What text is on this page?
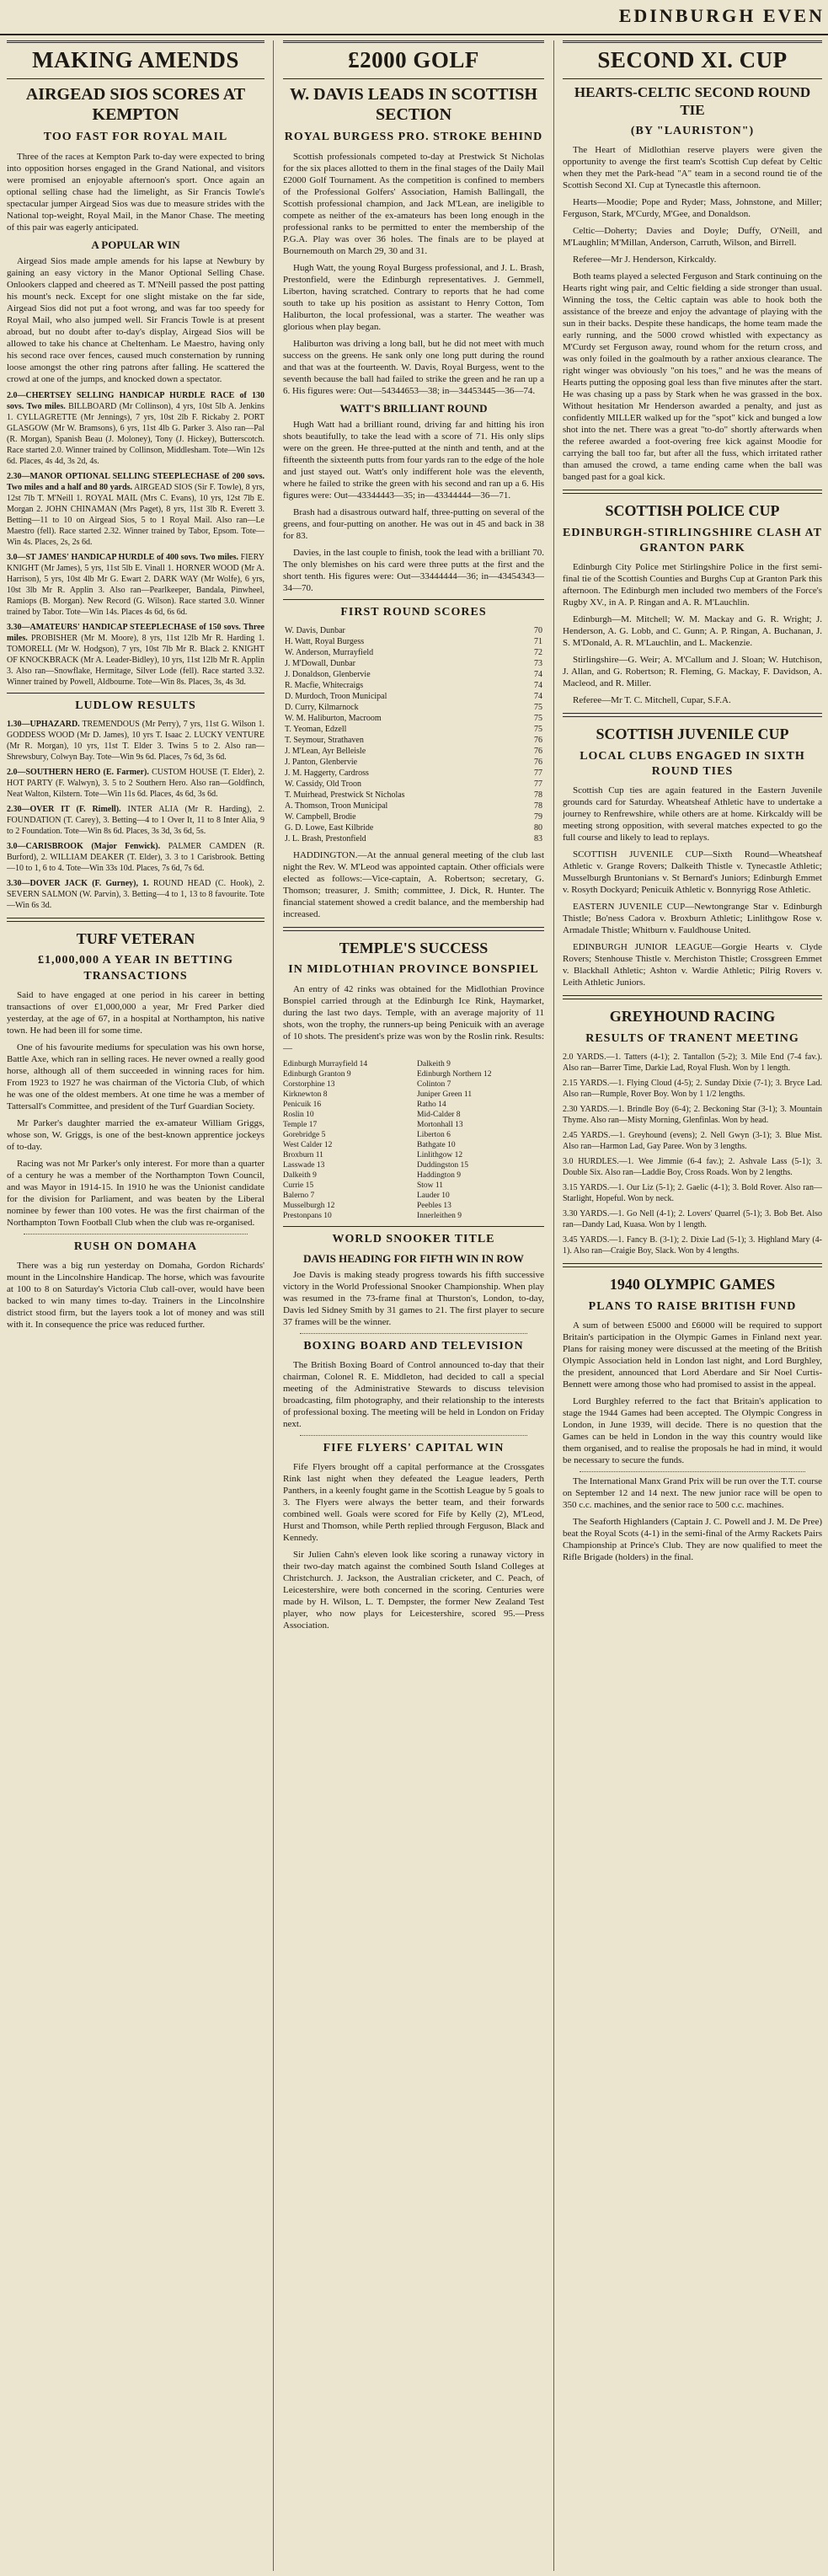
EDINBURGH EVEN
MAKING AMENDS
AIRGEAD SIOS SCORES AT KEMPTON
TOO FAST FOR ROYAL MAIL

Three of the races at Kempton Park to-day were expected to bring into opposition horses engaged in the Grand National, and visitors were promised an enjoyable afternoon's sport. Once again an optional selling chase had the limelight, as Sir Francis Towle's spectacular jumper Airgead Sios was due to measure strides with the National top-weight, Royal Mail, in the Manor Chase. The meeting of this pair was eagerly anticipated.

A POPULAR WIN

Airgead Sios made ample amends for his lapse at Newbury by gaining an easy victory in the Manor Optional Selling Chase. Onlookers clapped and cheered as T. M'Neill passed the post patting his mount's neck. Except for one slight mistake on the far side, Airgead Sios did not put a foot wrong, and was far too speedy for Royal Mail, who also jumped well. Sir Francis Towle is at present abroad, but no doubt after to-day's display, Airgead Sios will be allowed to take his chance at Cheltenham. Le Maestro, having only his second race over fences, caused much consternation by running loose amongst the other ring patrons after falling. He scattered the crowd at one of the jumps, and knocked down a spectator.

2.0—CHERTSEY SELLING HANDICAP HURDLE RACE of 130 sovs. Two miles. BILLBOARD (Mr Collinson), 4 yrs, 10st 5lb A. Jenkins 1. CYLLAGRETTE (Mr Jennings), 7 yrs, 10st 2lb F. Rickaby 2. PORT GLASGOW (Mr W. Bramsons), 6 yrs, 11st 4lb G. Parker 3. Also ran—Pal (R. Morgan), Spanish Beau (J. Moloney), Tony (J. Hickey), Butterscotch. Race started 2.0. Winner trained by Collinson, Middlesham. Tote—Win 12s 6d. Places, 4s 4d, 3s 2d, 4s.
2.30—MANOR OPTIONAL SELLING STEEPLECHASE of 200 sovs. Two miles and a half and 80 yards. AIRGEAD SIOS (Sir F. Towle), 8 yrs, 12st 7lb T. M'Neill 1. ROYAL MAIL (Mrs C. Evans), 10 yrs, 12st 7lb E. Morgan 2. JOHN CHINAMAN (Mrs Paget), 8 yrs, 11st 3lb R. Everett 3. Betting—11 to 10 on Airgead Sios, 5 to 1 Royal Mail. Also ran—Le Maestro (fell). Race started 2.32. Winner trained by Tabor, Epsom. Tote—Win 4s. Places, 2s, 2s 6d.
3.0—ST JAMES' HANDICAP HURDLE of 400 sovs. Two miles. FIERY KNIGHT (Mr James), 5 yrs, 11st 5lb E. Vinall 1. HORNER WOOD (Mr A. Harrison), 5 yrs, 10st 4lb Mr G. Ewart 2. DARK WAY (Mr Wolfe), 6 yrs, 10st 3lb Mr R. Applin 3. Also ran—Pearlkeeper, Bandala, Pinwheel, Ramiops (B. Morgan). New Record (G. Wilson). Race started 3.0. Winner trained by Tabor. Tote—Win 14s. Places 4s 6d, 6s 6d.
3.30—AMATEURS' HANDICAP STEEPLECHASE of 150 sovs. Three miles. PROBISHER (Mr M. Moore), 8 yrs, 11st 12lb Mr R. Harding 1. TOMORELL (Mr W. Hodgson), 7 yrs, 10st 7lb Mr R. Black 2. KNIGHT OF KNOCKBRACK (Mr A. Leader-Bidley), 10 yrs, 11st 12lb Mr R. Applin 3. Also ran—Snowflake, Hermitage, Silver Lode (fell). Race started 3.32. Winner trained by Powell, Aldbourne. Tote—Win 8s. Places, 3s, 4s 3d.
LUDLOW RESULTS
1.30—UPHAZARD. TREMENDOUS (Mr Perry), 7 yrs, 11st G. Wilson 1. GODDESS WOOD (Mr D. James), 10 yrs T. Isaac 2. LUCKY VENTURE (Mr R. Morgan), 10 yrs, 11st T. Elder 3. Twins 5 to 2. Also ran—Shrewsbury, Colwyn Bay. Tote—Win 9s 6d. Places, 7s 6d, 3s 6d.
2.0—SOUTHERN HERO (E. Farmer). CUSTOM HOUSE (T. Elder), 2. HOT PARTY (F. Walwyn), 3. 5 to 2 Southern Hero. Also ran—Goldfinch, Neat Walton, Kilstern. Tote—Win 11s 6d. Places, 4s 6d, 3s 6d.
2.30—OVER IT (F. Rimell). INTER ALIA (Mr R. Harding), 2. FOUNDATION (T. Carey), 3. Betting—4 to 1 Over It, 11 to 8 Inter Alia, 9 to 2 Foundation. Tote—Win 8s 6d. Places, 3s 3d, 3s 6d, 5s.
3.0—CARISBROOK (Major Fenwick). PALMER CAMDEN (R. Burford), 2. WILLIAM DEAKER (T. Elder), 3. 3 to 1 Carisbrook. Betting—10 to 1, 6 to 4. Tote—Win 33s 10d. Places, 7s 6d, 7s 6d.
3.30—DOVER JACK (F. Gurney), 1. ROUND HEAD (C. Hook), 2. SEVERN SALMON (W. Parvin), 3. Betting—4 to 1, 13 to 8 favourite. Tote—Win 6s 3d.
TURF VETERAN
£1,000,000 A YEAR IN BETTING TRANSACTIONS

Said to have engaged at one period in his career in betting transactions of over £1,000,000 a year, Mr Fred Parker died yesterday, at the age of 67, in a hospital at Northampton, his native town. He had been ill for some time.

One of his favourite mediums for speculation was his own horse, Battle Axe, which ran in selling races. He never owned a really good horse, although all of them succeeded in winning races for him. From 1923 to 1927 he was chairman of the Victoria Club, of which he was one of the oldest members. At one time he was a member of Tattersall's Committee, and president of the Turf Guardian Society.

Mr Parker's daughter married the ex-amateur William Griggs, whose son, W. Griggs, is one of the best-known apprentice jockeys of to-day.

Racing was not Mr Parker's only interest. For more than a quarter of a century he was a member of the Northampton Town Council, and was Mayor in 1914-15. In 1910 he was the Unionist candidate for the division for Parliament, and was beaten by the Liberal nominee by fewer than 100 votes. He was the first chairman of the Northampton Town Football Club when the club was re-organised.

RUSH ON DOMAHA

There was a big run yesterday on Domaha, Gordon Richards' mount in the Lincolnshire Handicap. The horse, which was favourite at 100 to 8 on Saturday's Victoria Club call-over, would have been backed to win many times to-day. Trainers in the Lincolnshire district stood firm, but the layers took a lot of money and was still with it. In consequence the price was reduced further.

£2000 GOLF
W. DAVIS LEADS IN SCOTTISH SECTION
ROYAL BURGESS PRO. STROKE BEHIND

Scottish professionals competed to-day at Prestwick St Nicholas for the six places allotted to them in the final stages of the Daily Mail £2000 Golf Tournament. As the competition is confined to members of the Professional Golfers' Association, Hamish Ballingall, the Scottish professional champion, and Jack M'Lean, are ineligible to compete as neither of the ex-amateurs has been long enough in the professional ranks to be permitted to enter the membership of the P.G.A. Play was over 36 holes. The finals are to be played at Bournemouth on March 29, 30 and 31.

Hugh Watt, the young Royal Burgess professional, and J. L. Brash, Prestonfield, were the Edinburgh representatives. J. Gemmell, Liberton, having scratched. Contrary to reports that he had come south to take up his position as assistant to Henry Cotton, Tom Haliburton, the local professional, was a starter. The weather was glorious when play began.

Haliburton was driving a long ball, but he did not meet with much success on the greens. He sank only one long putt during the round and that was at the fourteenth. W. Davis, Royal Burgess, went to the seventh because the ball had failed to strike the green and he ran up a 6. His figures were: Out—54344653—38; in—34453445—36—74.

WATT'S BRILLIANT ROUND

Hugh Watt had a brilliant round, driving far and hitting his iron shots beautifully, to take the lead with a score of 71. His only slips were on the green. He three-putted at the ninth and tenth, and at the fifteenth the sixteenth putts from four yards ran to the edge of the hole and just stayed out. Watt's only indifferent hole was the eleventh, where he failed to strike the green with his second and ran up a 6. His figures were: Out—43344443—35; in—43344444—36—71.

Brash had a disastrous outward half, three-putting on several of the greens, and four-putting on another. He was out in 45 and back in 38 for 83.

Davies, in the last couple to finish, took the lead with a brilliant 70. The only blemishes on his card were three putts at the first and the short tenth. His figures were: Out—33444444—36; in—43454343—34—70.

FIRST ROUND SCORES
W. Davis, Dunbar	70
H. Watt, Royal Burgess	71
W. Anderson, Murrayfield	72
J. M'Dowall, Dunbar	73
J. Donaldson, Glenbervie	74
R. Macfie, Whitecraigs	74
D. Murdoch, Troon Municipal	74
D. Curry, Kilmarnock	75
W. M. Haliburton, Macroom	75
T. Yeoman, Edzell	75
T. Seymour, Strathaven	76
J. M'Lean, Ayr Belleisle	76
J. Panton, Glenbervie	76
J. M. Haggerty, Cardross	77
W. Cassidy, Old Troon	77
T. Muirhead, Prestwick St Nicholas	78
A. Thomson, Troon Municipal	78
W. Campbell, Brodie	79
G. D. Lowe, East Kilbride	80
J. L. Brash, Prestonfield	83

HADDINGTON.—At the annual general meeting of the club last night the Rev. W. M'Leod was appointed captain. Other officials were elected as follows:—Vice-captain, A. Robertson; secretary, G. Thomson; treasurer, J. Smith; committee, J. Dick, R. Hunter. The financial statement showed a credit balance, and the membership had increased.

TEMPLE'S SUCCESS
IN MIDLOTHIAN PROVINCE BONSPIEL

An entry of 42 rinks was obtained for the Midlothian Province Bonspiel carried through at the Edinburgh Ice Rink, Haymarket, during the last two days. Temple, with an average majority of 11 shots, won the trophy, the runners-up being Penicuik with an average of 10 shots. The president's prize was won by the Roslin rink. Results:—

Edinburgh Murrayfield 14
Edinburgh Granton 9
Corstorphine 13
Kirknewton 8
Penicuik 16
Roslin 10
Temple 17
Gorebridge 5
West Calder 12
Broxburn 11
Lasswade 13
Dalkeith 9
Currie 15
Balerno 7
Musselburgh 12
Prestonpans 10
Dalkeith 9
Edinburgh Northern 12
Colinton 7
Juniper Green 11
Ratho 14
Mid-Calder 8
Mortonhall 13
Liberton 6
Bathgate 10
Linlithgow 12
Duddingston 15
Haddington 9
Stow 11
Lauder 10
Peebles 13
Innerleithen 9
WORLD SNOOKER TITLE
DAVIS HEADING FOR FIFTH WIN IN ROW

Joe Davis is making steady progress towards his fifth successive victory in the World Professional Snooker Championship. When play was resumed in the 73-frame final at Thurston's, London, to-day, Davis led Sidney Smith by 31 games to 21. The first player to secure 37 frames will be the winner.

BOXING BOARD AND TELEVISION

The British Boxing Board of Control announced to-day that their chairman, Colonel R. E. Middleton, had decided to call a special meeting of the Administrative Stewards to discuss television broadcasting, film photography, and their relationship to the interests of professional boxing. The meeting will be held in London on Friday next.

FIFE FLYERS' CAPITAL WIN

Fife Flyers brought off a capital performance at the Crossgates Rink last night when they defeated the League leaders, Perth Panthers, in a keenly fought game in the Scottish League by 5 goals to 3. The Flyers were always the better team, and their forwards combined well. Goals were scored for Fife by Kelly (2), M'Leod, Hurst and Thomson, while Perth replied through Ferguson, Black and Kennedy.

Sir Julien Cahn's eleven look like scoring a runaway victory in their two-day match against the combined South Island Colleges at Christchurch. J. Jackson, the Australian cricketer, and C. Peach, of Leicestershire, were both concerned in the scoring. Centuries were made by H. Wilson, L. T. Dempster, the former New Zealand Test player, who now plays for Leicestershire, scored 95.—Press Association.

SECOND XI. CUP
HEARTS-CELTIC SECOND ROUND TIE
(BY "LAURISTON")

The Heart of Midlothian reserve players were given the opportunity to avenge the first team's Scottish Cup defeat by Celtic when they met the Park-head "A" team in a second round tie of the Scottish Second XI. Cup at Tynecastle this afternoon.

Hearts—Moodie; Pope and Ryder; Mass, Johnstone, and Miller; Ferguson, Stark, M'Curdy, M'Gee, and Donaldson.

Celtic—Doherty; Davies and Doyle; Duffy, O'Neill, and M'Laughlin; M'Millan, Anderson, Carruth, Wilson, and Birrell.

Referee—Mr J. Henderson, Kirkcaldy.

Both teams played a selected Ferguson and Stark continuing on the Hearts right wing pair, and Celtic fielding a side stronger than usual. Winning the toss, the Celtic captain was able to hook both the assistance of the breeze and enjoy the advantage of playing with the sun in their backs. Despite these handicaps, the home team made the early running, and the 5000 crowd whistled with expectancy as M'Curdy set Ferguson away, round whom for the return cross, and was only foiled in the goalmouth by a rather anxious clearance. The right winger was obviously "on his toes," and he was the means of Hearts putting the opposing goal less than five minutes after the start. He was chasing up a pass by Stark when he was grassed in the box. Without hesitation Mr Henderson awarded a penalty, and just as confidently MILLER walked up for the "spot" kick and bunged a low shot into the net. There was a great "to-do" shortly afterwards when the referee awarded a foot-overing free kick against Moodie for carrying the ball too far, but after all the fuss, which irritated rather than amused the crowd, a tame ending came when the ball was banged past for a goal kick.

SCOTTISH POLICE CUP
EDINBURGH-STIRLINGSHIRE CLASH AT GRANTON PARK

Edinburgh City Police met Stirlingshire Police in the first semi-final tie of the Scottish Counties and Burghs Cup at Granton Park this afternoon. The Edinburgh men included two members of the Force's Rugby XV., in A. P. Ringan and A. R. M'Lauchlin.

Edinburgh—M. Mitchell; W. M. Mackay and G. R. Wright; J. Henderson, A. G. Lobb, and C. Gunn; A. P. Ringan, A. Buchanan, J. S. M'Donald, A. R. M'Lauchlin, and L. Mackenzie.

Stirlingshire—G. Weir; A. M'Callum and J. Sloan; W. Hutchison, J. Allan, and G. Robertson; R. Fleming, G. Mackay, F. Davidson, A. Macleod, and R. Miller.

Referee—Mr T. C. Mitchell, Cupar, S.F.A.

SCOTTISH JUVENILE CUP
LOCAL CLUBS ENGAGED IN SIXTH ROUND TIES

Scottish Cup ties are again featured in the Eastern Juvenile grounds card for Saturday. Wheatsheaf Athletic have to undertake a journey to Renfrewshire, while others are at home. Kirkcaldy will be meeting strong opposition, with several matches expected to go the full course and likely to lead to replays.

SCOTTISH JUVENILE CUP—Sixth Round—Wheatsheaf Athletic v. Grange Rovers; Dalkeith Thistle v. Tynecastle Athletic; Musselburgh Bruntonians v. St Bernard's Juniors; Edinburgh Emmet v. Rosyth Dockyard; Penicuik Athletic v. Bonnyrigg Rose Athletic.

EASTERN JUVENILE CUP—Newtongrange Star v. Edinburgh Thistle; Bo'ness Cadora v. Broxburn Athletic; Linlithgow Rose v. Armadale Thistle; Whitburn v. Fauldhouse United.

EDINBURGH JUNIOR LEAGUE—Gorgie Hearts v. Clyde Rovers; Stenhouse Thistle v. Merchiston Thistle; Crossgreen Emmet v. Blackhall Athletic; Ashton v. Wardie Athletic; Pilrig Rovers v. Leith Athletic Juniors.

GREYHOUND RACING
RESULTS OF TRANENT MEETING
2.0 YARDS.—1. Tatters (4-1); 2. Tantallon (5-2); 3. Mile End (7-4 fav.). Also ran—Barrer Time, Darkie Lad, Royal Flush. Won by 1 length.
2.15 YARDS.—1. Flying Cloud (4-5); 2. Sunday Dixie (7-1); 3. Bryce Lad. Also ran—Rumple, Rover Boy. Won by 1 1/2 lengths.
2.30 YARDS.—1. Brindle Boy (6-4); 2. Beckoning Star (3-1); 3. Mountain Thyme. Also ran—Misty Morning, Glenfinlas. Won by head.
2.45 YARDS.—1. Greyhound (evens); 2. Nell Gwyn (3-1); 3. Blue Mist. Also ran—Harmon Lad, Gay Paree. Won by 3 lengths.
3.0 HURDLES.—1. Wee Jimmie (6-4 fav.); 2. Ashvale Lass (5-1); 3. Double Six. Also ran—Laddie Boy, Cross Roads. Won by 2 lengths.
3.15 YARDS.—1. Our Liz (5-1); 2. Gaelic (4-1); 3. Bold Rover. Also ran—Starlight, Hopeful. Won by neck.
3.30 YARDS.—1. Go Nell (4-1); 2. Lovers' Quarrel (5-1); 3. Bob Bet. Also ran—Dandy Lad, Kuasa. Won by 1 length.
3.45 YARDS.—1. Fancy B. (3-1); 2. Dixie Lad (5-1); 3. Highland Mary (4-1). Also ran—Craigie Boy, Slack. Won by 4 lengths.
1940 OLYMPIC GAMES
PLANS TO RAISE BRITISH FUND

A sum of between £5000 and £6000 will be required to support Britain's participation in the Olympic Games in Finland next year. Plans for raising money were discussed at the meeting of the British Olympic Association held in London last night, and Lord Burghley, the president, announced that Lord Aberdare and Sir Noel Curtis-Bennett were among those who had promised to assist in the appeal.

Lord Burghley referred to the fact that Britain's application to stage the 1944 Games had been accepted. The Olympic Congress in London, in June 1939, will decide. There is no question that the Games can be held in London in the way this country would like them organised, and to realise the proposals he had in mind, it would be necessary to secure the funds.

The International Manx Grand Prix will be run over the T.T. course on September 12 and 14 next. The new junior race will be open to 350 c.c. machines, and the senior race to 500 c.c. machines.

The Seaforth Highlanders (Captain J. C. Powell and J. M. De Pree) beat the Royal Scots (4-1) in the semi-final of the Army Rackets Pairs Championship at Prince's Club. They are now qualified to meet the Rifle Brigade (holders) in the final.
